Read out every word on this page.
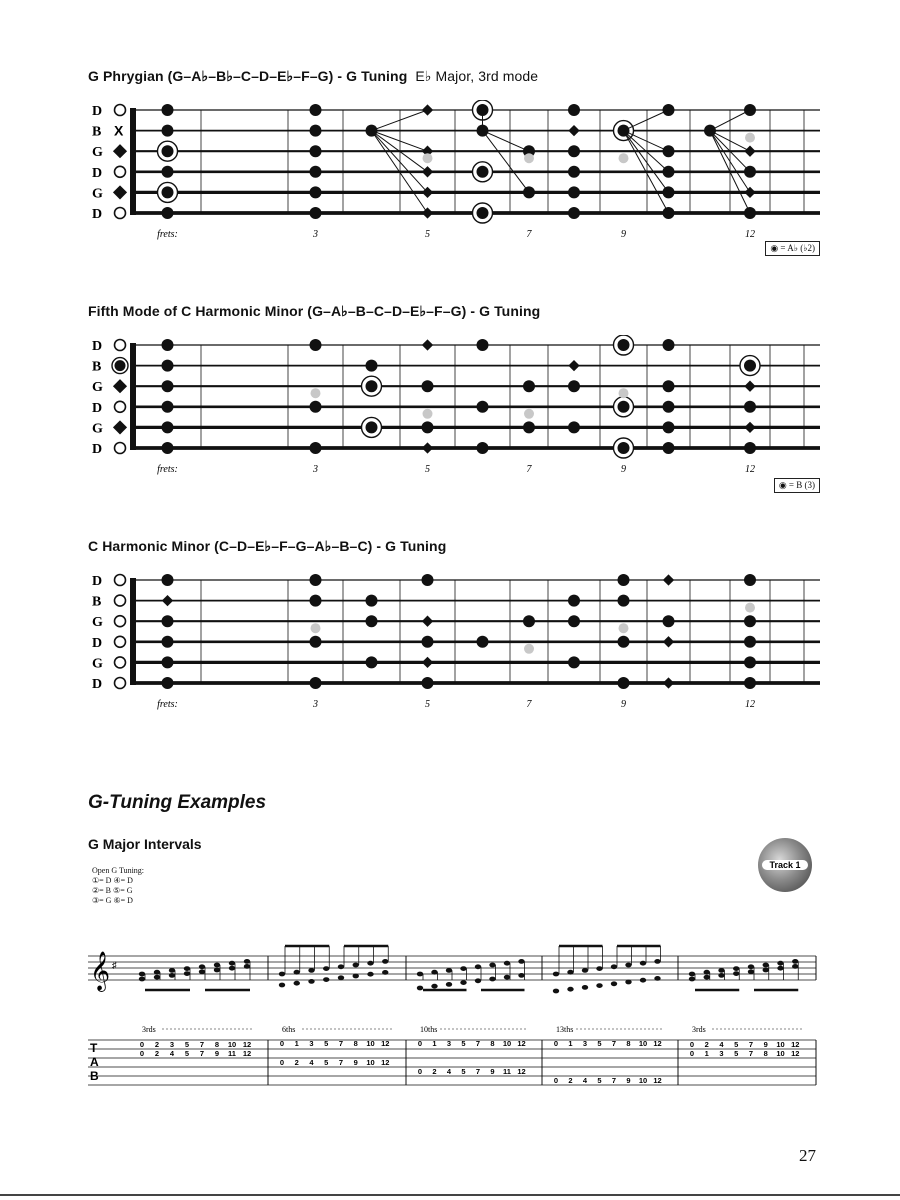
G Phrygian (G–A♭–B♭–C–D–E♭–F–G) - G Tuning E♭ Major, 3rd mode
D
B X
G
D
G
D
frets:	3	5	7	9	12
◉ = A♭ (♭2)
Fifth Mode of C Harmonic Minor (G–A♭–B–C–D–E♭–F–G) - G Tuning
D
B
G
D
G
D
frets:	3	5	7	9	12
◉ = B (3)
C Harmonic Minor (C–D–E♭–F–G–A♭–B–C) - G Tuning
D
B
G
D
G
D
frets:	3	5	7	9	12
G-Tuning Examples
G Major Intervals
Open G Tuning:
①= D ④= D
②= B ⑤= G
③= G ⑥= D
Track 1
𝄞 ♯
3rds	6ths	10ths	13ths	3rds
T
A
B
0 2 3 5 7 8 10 12
0 2 4 5 7 9 11 12
0 1 3 5 7 8 10 12
0 2 4 5 7 9 10 12
0 1 3 5 7 8 10 12
0 2 4 5 7 9 11 12
0 1 3 5 7 8 10 12
0 2 4 5 7 9 10 12
0 2 4 5 7 9 10 12
0 1 3 5 7 8 10 12
27
